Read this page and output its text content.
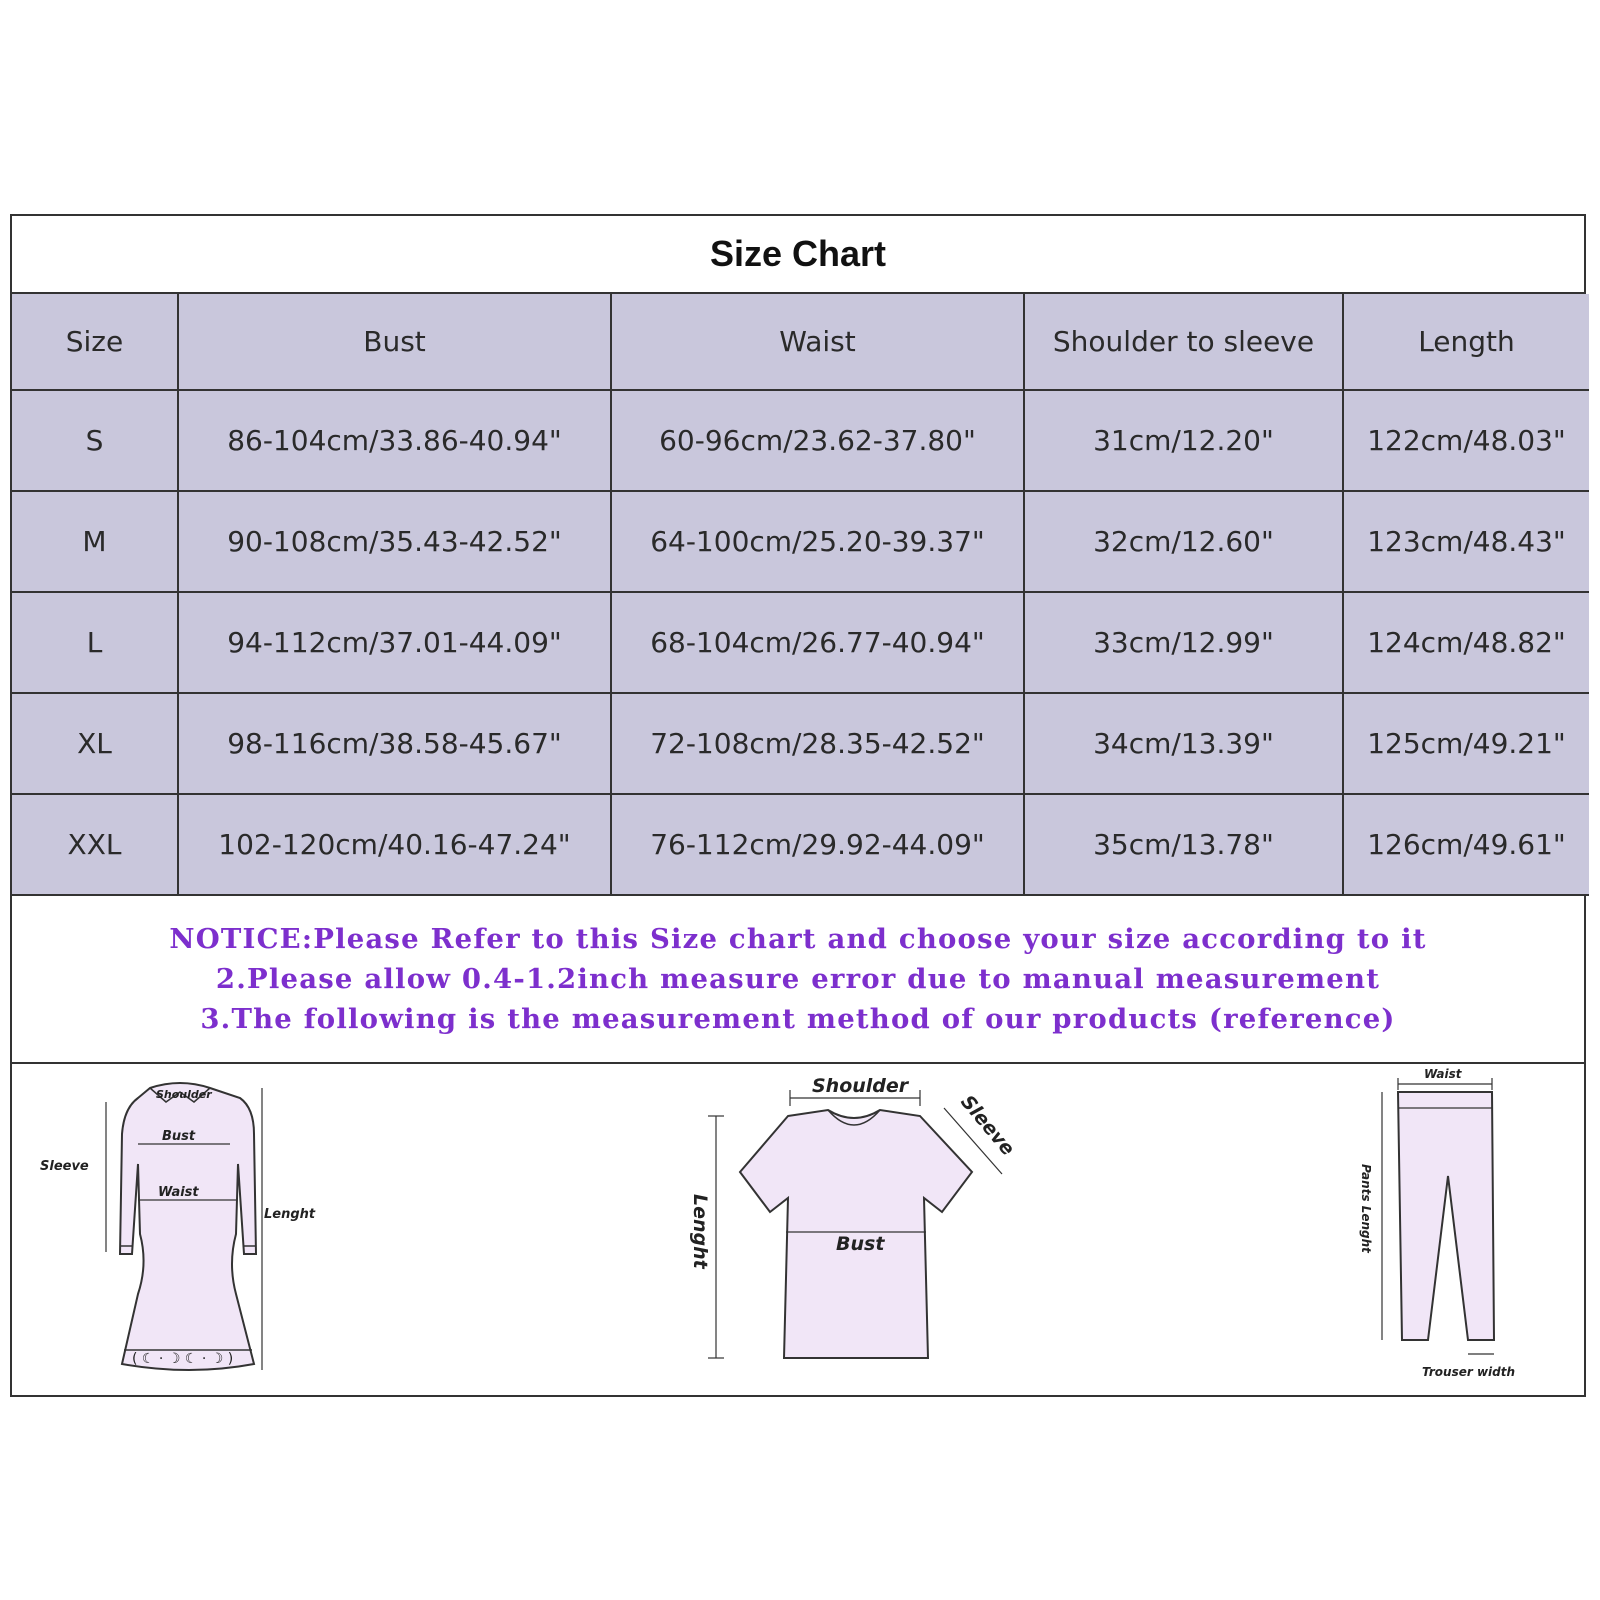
Size Chart
Size	Bust	Waist	Shoulder to sleeve	Length
S	86-104cm/33.86-40.94"	60-96cm/23.62-37.80"	31cm/12.20"	122cm/48.03"
M	90-108cm/35.43-42.52"	64-100cm/25.20-39.37"	32cm/12.60"	123cm/48.43"
L	94-112cm/37.01-44.09"	68-104cm/26.77-40.94"	33cm/12.99"	124cm/48.82"
XL	98-116cm/38.58-45.67"	72-108cm/28.35-42.52"	34cm/13.39"	125cm/49.21"
XXL	102-120cm/40.16-47.24"	76-112cm/29.92-44.09"	35cm/13.78"	126cm/49.61"
NOTICE:Please Refer to this Size chart and choose your size according to it
2.Please allow 0.4-1.2inch measure error due to manual measurement
3.The following is the measurement method of our products (reference)
( ☾ · ☽ ☾ · ☽ )
Shoulder
Bust
Waist
Sleeve
Lenght
Shoulder
Bust
Sleeve
Lenght
Waist
Pants Lenght
Trouser width
